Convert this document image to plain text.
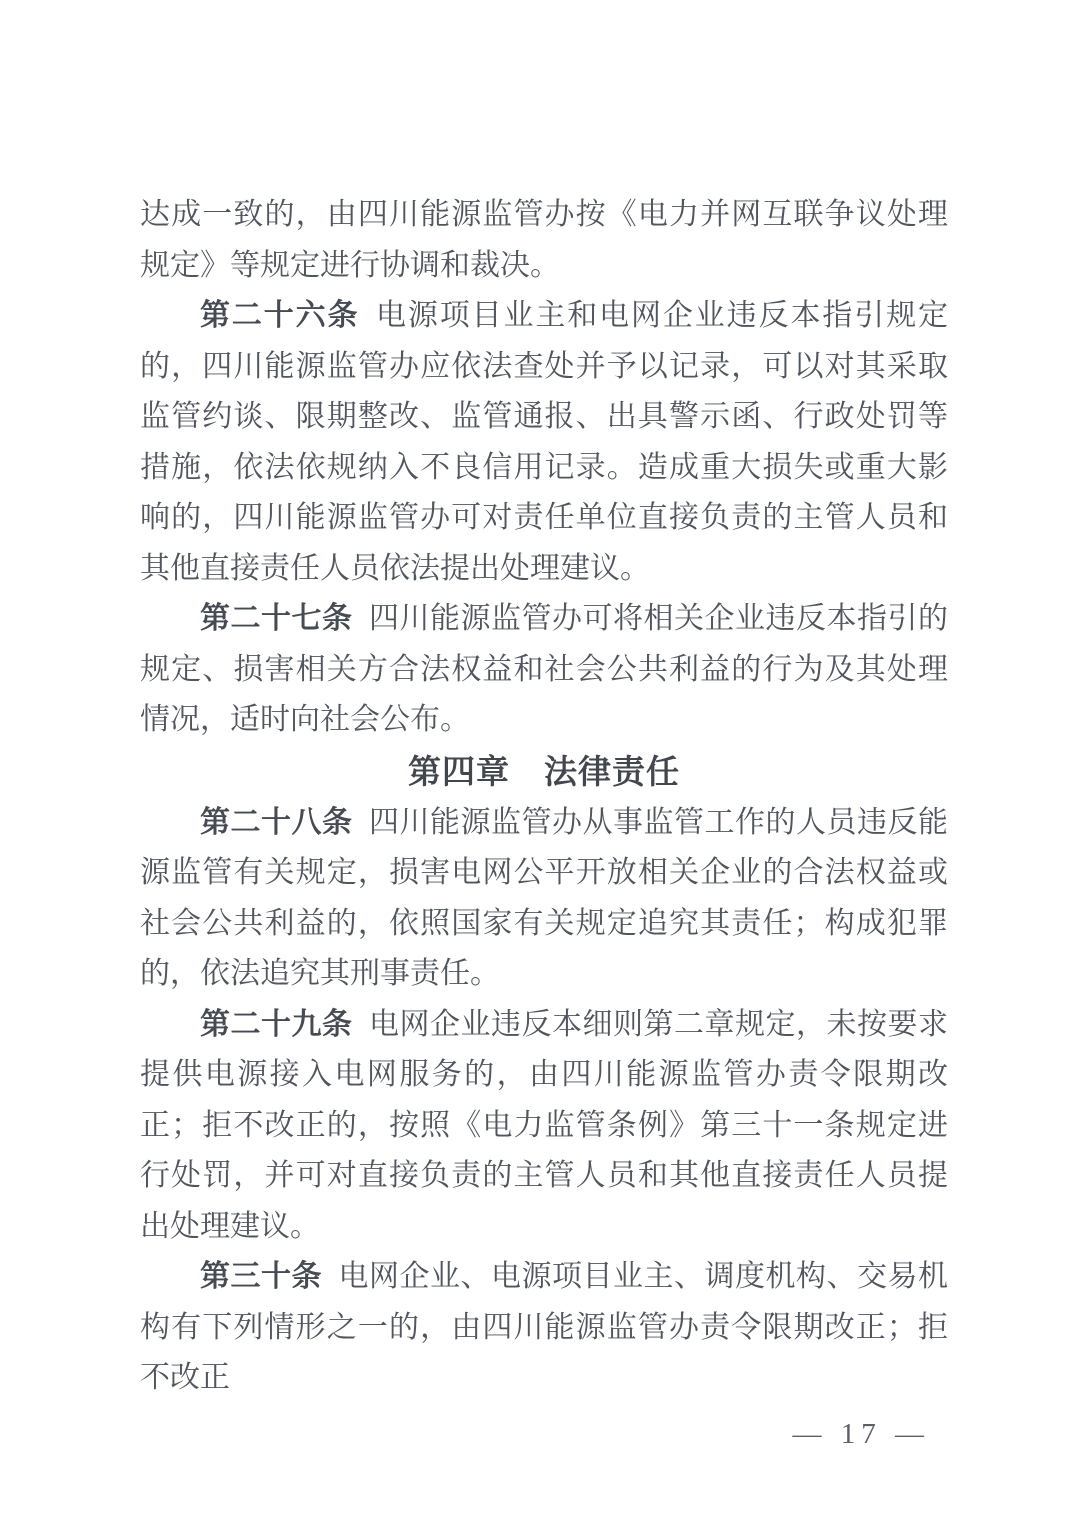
达成一致的，由四川能源监管办按《电力并网互联争议处理规定》等规定进行协调和裁决。

第二十六条 电源项目业主和电网企业违反本指引规定的，四川能源监管办应依法查处并予以记录，可以对其采取监管约谈、限期整改、监管通报、出具警示函、行政处罚等措施，依法依规纳入不良信用记录。造成重大损失或重大影响的，四川能源监管办可对责任单位直接负责的主管人员和其他直接责任人员依法提出处理建议。

第二十七条 四川能源监管办可将相关企业违反本指引的规定、损害相关方合法权益和社会公共利益的行为及其处理情况，适时向社会公布。

第四章　法律责任

第二十八条 四川能源监管办从事监管工作的人员违反能源监管有关规定，损害电网公平开放相关企业的合法权益或社会公共利益的，依照国家有关规定追究其责任；构成犯罪的，依法追究其刑事责任。

第二十九条 电网企业违反本细则第二章规定，未按要求提供电源接入电网服务的，由四川能源监管办责令限期改正；拒不改正的，按照《电力监管条例》第三十一条规定进行处罚，并可对直接负责的主管人员和其他直接责任人员提出处理建议。

第三十条 电网企业、电源项目业主、调度机构、交易机构有下列情形之一的，由四川能源监管办责令限期改正；拒不改正

— 17 —
